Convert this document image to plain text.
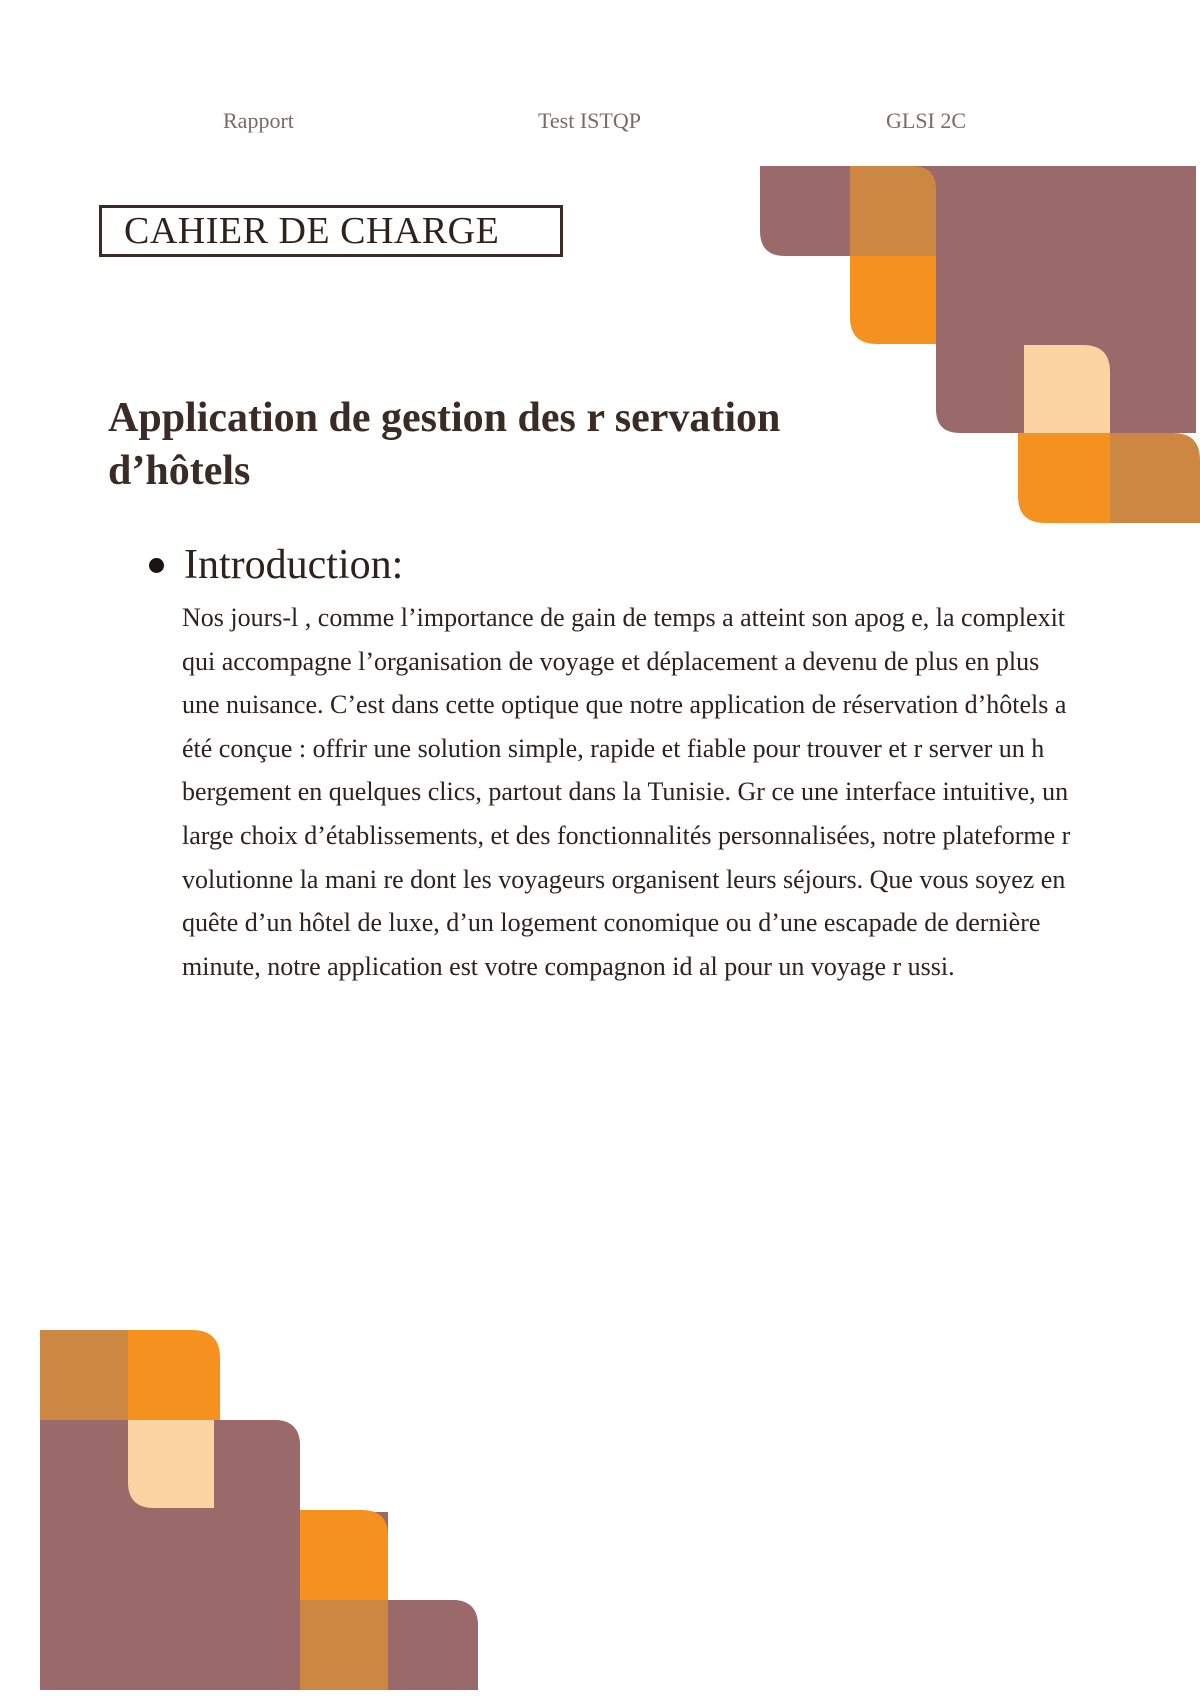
Rapport	Test ISTQP	GLSI 2C
CAHIER DE CHARGE
Application de gestion des r servation d’hôtels
Introduction:

Nos jours-l , comme l’importance de gain de temps a atteint son apog e, la complexit qui accompagne l’organisation de voyage et déplacement a devenu de plus en plus une nuisance. C’est dans cette optique que notre application de réservation d’hôtels a été conçue : offrir une solution simple, rapide et fiable pour trouver et r server un h bergement en quelques clics, partout dans la Tunisie. Gr ce une interface intuitive, un large choix d’établissements, et des fonctionnalités personnalisées, notre plateforme r volutionne la mani re dont les voyageurs organisent leurs séjours. Que vous soyez en quête d’un hôtel de luxe, d’un logement conomique ou d’une escapade de dernière minute, notre application est votre compagnon id al pour un voyage r ussi.
